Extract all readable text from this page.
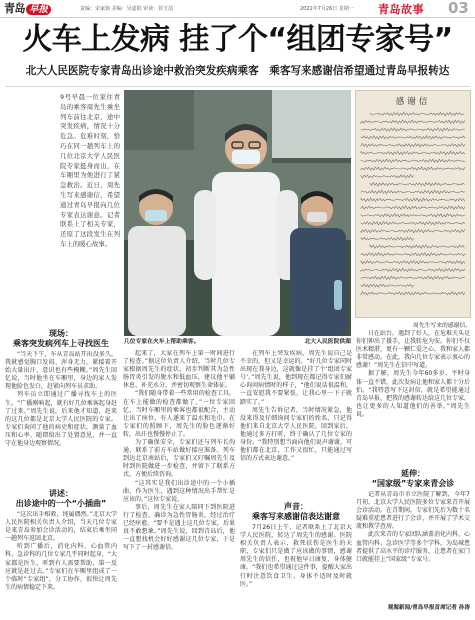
青岛 早报	责编：宋家驹 美编：吴嘉阳 审读：侯玉喆	2021年7月26日 星期一 青岛故事 03
火车上发病 挂了个“组团专家号”
北大人民医院专家青岛出诊途中救治突发疾病乘客　乘客写来感谢信希望通过青岛早报转达
9号早晨一位家住青岛的乘客周先生乘坐列车前往北京，途中突发疾病，情况十分危急。危难时刻，恰巧在同一趟列车上的几位北京大学人民医院专家挺身而出，在车厢里为他进行了紧急救治。近日，周先生写来感谢信，希望通过青岛早报向几位专家表达谢意。记者联系上了相关专家，还原了这段发生在列车上的暖心故事。
几位专家在火车上帮助乘客。	北大人民医院供图
感谢信
周先生写来的感谢信。
现场：
乘客突发病列车上寻找医生

“当天下午，车从青岛站开出没多久，我就感觉胸口发闷、浑身无力，紧接着开始大量出汗，意识也有些模糊。”周先生回忆说，当时他坐在车厢里，身边的家人发现他脸色发白，赶紧向列车员求助。

列车员立即通过广播寻找车上的医生。“广播刚响起，就有好几位乘客起身赶了过来。”周先生说，后来他才知道，赶来的这几位都是北京大学人民医院的专家。专家们询问了他的病史和症状，测量了血压和心率，随即给出了处置意见，并一直守在他身边观察情况。

讲述：
出诊途中的一个“小插曲”

“这次出手相救，纯属偶然。”北京大学人民医院相关负责人介绍，当天几位专家是来青岛参加会诊活动的，结束后乘坐同一趟列车返回北京。

听到广播后，消化内科、心血管内科、急诊科的几位专家几乎同时起身，“大家都是医生，听到有人需要帮助，第一反应就是赶过去。”专家们在车厢里组成了一个临时“专家组”，分工协作，很快让周先生的病情稳定下来。

起来了，大家在列车上第一时间进行了检查。”据这位负责人介绍，当时几位专家根据周先生的症状，初步判断其为急性肠胃炎引发的脱水和低血压，建议他平躺休息、补充水分，并密切观察生命体征。

“我们随身带着一些常用的检查工具，在车上能做的检查都做了。”一位专家回忆，当时车厢里的乘客也都很配合，主动让出了座位，有人递来了温水和毛巾。在专家们的照顾下，周先生的脸色逐渐好转，出汗也慢慢停止了。

为了确保安全，专家们还与列车长沟通，联系了前方车站做好接应准备。列车到达北京南站后，专家们又叮嘱周先生及时到医院做进一步检查，并留下了联系方式，方便后续咨询。

“这其实是我们出诊途中的一个小插曲，作为医生，遇到这种情况出手帮忙是应该的。”这位专家说。

事后，周先生在家人陪同下到医院进行了检查，确诊为急性胃肠炎，经过治疗已经痊愈。“要不是遇上这几位专家，后果真不敢想象。”周先生说，回到青岛后，他一直想找机会好好感谢这几位专家，于是写下了一封感谢信。

在列车上突发疾病，周先生说自己是不幸的，但又是幸运的。“好几位专家同时出现在我身边，这就像是挂了个‘组团专家号’。”周先生说，他到现在都记得专家们耐心询问病情时的样子，“他们说话很温和，一直安慰我不要紧张，让我心里一下子就踏实了。”

周先生告诉记者，当时情况紧急，他没来得及仔细询问专家们的姓名，只记得他们来自北京大学人民医院。回到家后，他通过多方打听，终于确认了几位专家的身份。“我特别想当面向他们说声谢谢，可他们都在北京，工作又很忙，只能通过写信的方式表达谢意。”

声音：
乘客写来感谢信表达谢意

7月26日上午，记者联系上了北京大学人民医院，转达了周先生的感谢。医院相关负责人表示，救死扶伤是医生的天职，专家们只是做了应该做的事情，感谢周先生的信任，也祝他早日康复，身体健康。“我们也希望通过这件事，提醒大家出行时注意饮食卫生，身体不适时及时就医。”

日在站台，遇到了好人，在危难关头是你们伸出了援手，让我转危为安。你们不仅医术精湛，更有一颗仁爱之心，我和家人都非常感动。在此，我向几位专家表示衷心的感谢！”周先生在信中写道。

据了解，周先生今年60多岁，平时身体一直不错，此次发病让他和家人都十分后怕。“我特意写下这封信，就是希望能通过青岛早报，把我的感谢转达给这几位专家，也让更多的人知道他们的善举。”周先生说。

延伸：
“国家级”专家来青会诊

记者从青岛市市立医院了解到，今年7月初，北京大学人民医院多位专家来青开展会诊活动。在青期间，专家们先后为数十名疑难重症患者进行了会诊，并开展了学术交流和教学查房。

此次来青的专家团队涵盖消化内科、心血管内科、急诊医学等多个学科，为岛城患者提供了高水平的诊疗服务，让患者在家门口就能挂上“国家级”专家号。

观海新闻/青岛早报首席记者 孙涛
